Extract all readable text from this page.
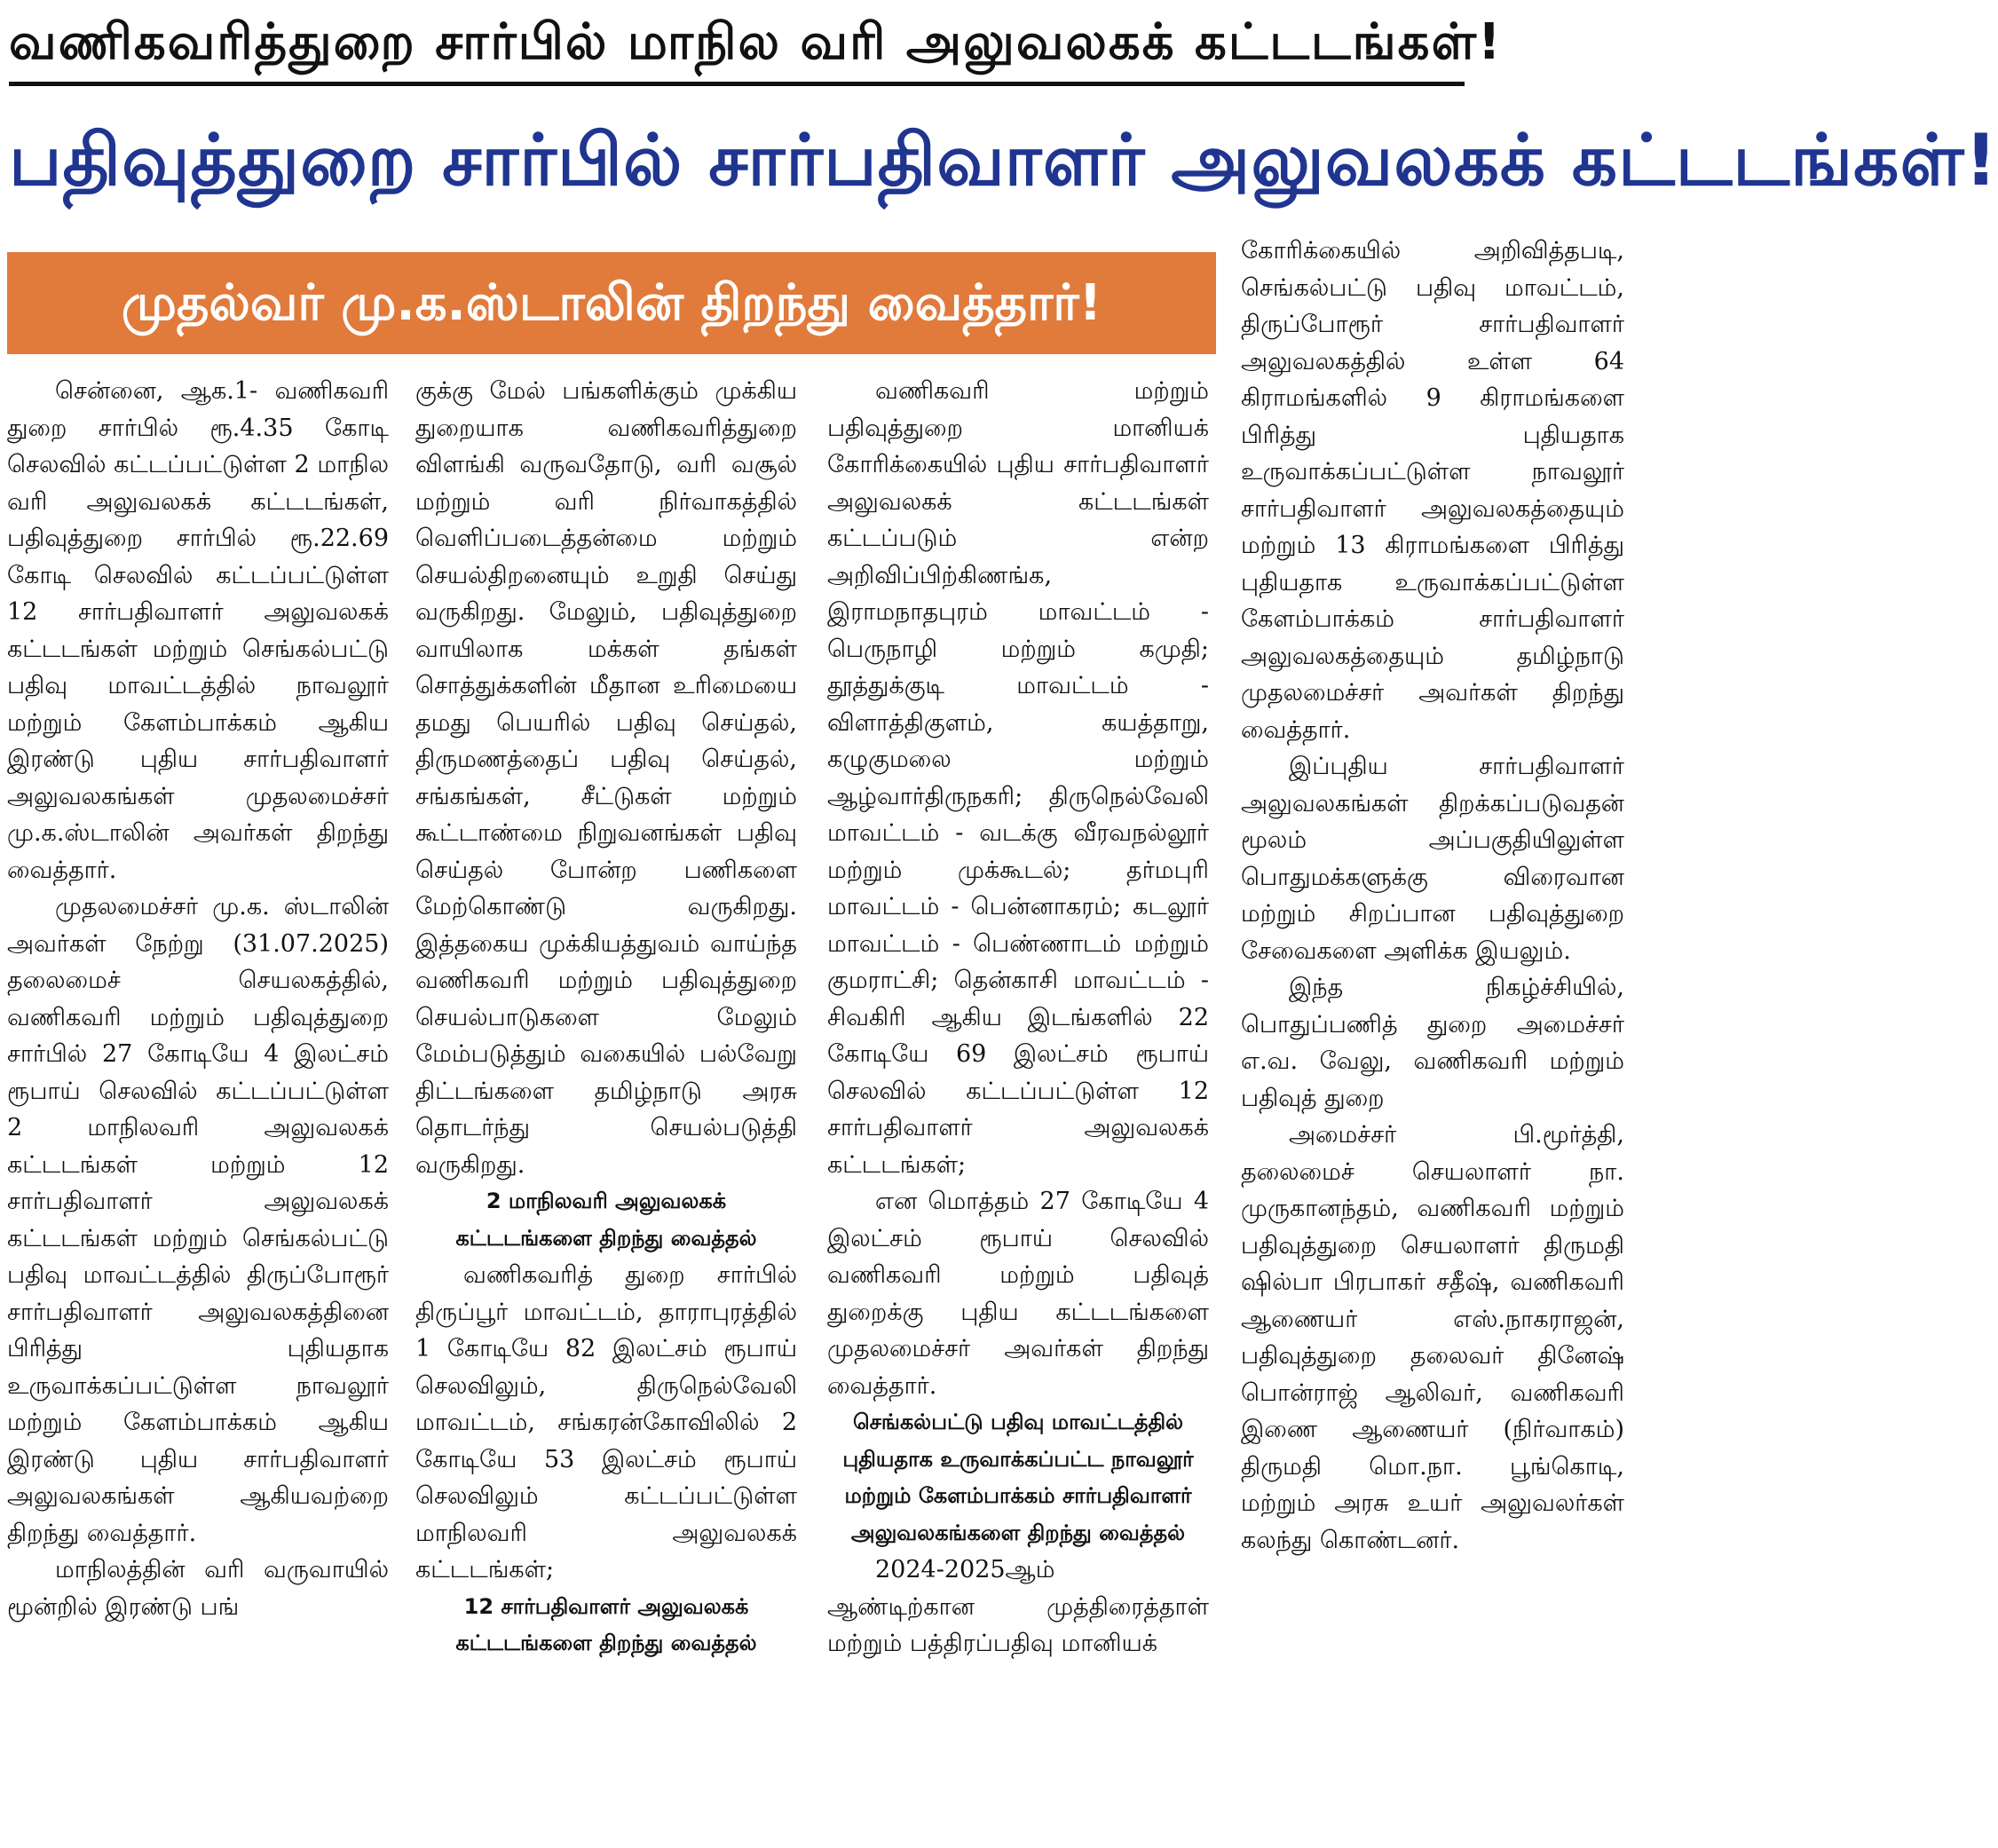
வணிகவரித்துறை சார்பில் மாநில வரி அலுவலகக் கட்டடங்கள்!
பதிவுத்துறை சார்பில் சார்பதிவாளர் அலுவலகக் கட்டடங்கள்!
முதல்வர் மு.க.ஸ்டாலின் திறந்து வைத்தார்!

சென்னை, ஆக.1- வணிகவரி துறை சார்பில் ரூ.4.35 கோடி செலவில் கட்டப்பட்டுள்ள 2 மாநில வரி அலுவலகக் கட்டடங்கள், பதிவுத்துறை சார்பில் ரூ.22.69 கோடி செலவில் கட்டப்பட்டுள்ள 12 சார்பதிவாளர் அலுவலகக் கட்டடங்கள் மற்றும் செங்கல்பட்டு பதிவு மாவட்டத்தில் நாவலூர் மற்றும் கேளம்பாக்கம் ஆகிய இரண்டு புதிய சார்பதிவாளர் அலுவலகங்கள் முதலமைச்சர் மு.க.ஸ்டாலின் அவர்கள் திறந்து வைத்தார்.

முதலமைச்சர் மு.க. ஸ்டாலின் அவர்கள் நேற்று (31.07.2025) தலைமைச் செயலகத்தில், வணிகவரி மற்றும் பதிவுத்துறை சார்பில் 27 கோடியே 4 இலட்சம் ரூபாய் செலவில் கட்டப்பட்டுள்ள 2 மாநிலவரி அலுவலகக் கட்டடங்கள் மற்றும் 12 சார்பதிவாளர் அலுவலகக் கட்டடங்கள் மற்றும் செங்கல்பட்டு பதிவு மாவட்டத்தில் திருப்போரூர் சார்பதிவாளர் அலுவலகத்தினை பிரித்து புதியதாக உருவாக்கப்பட்டுள்ள நாவலூர் மற்றும் கேளம்பாக்கம் ஆகிய இரண்டு புதிய சார்பதிவாளர் அலுவலகங்கள் ஆகியவற்றை திறந்து வைத்தார்.

மாநிலத்தின் வரி வருவாயில் மூன்றில் இரண்டு பங்

குக்கு மேல் பங்களிக்கும் முக்கிய துறையாக வணிகவரித்துறை விளங்கி வருவதோடு, வரி வசூல் மற்றும் வரி நிர்வாகத்தில் வெளிப்படைத்தன்மை மற்றும் செயல்திறனையும் உறுதி செய்து வருகிறது. மேலும், பதிவுத்துறை வாயிலாக மக்கள் தங்கள் சொத்துக்களின் மீதான உரிமையை தமது பெயரில் பதிவு செய்தல், திருமணத்தைப் பதிவு செய்தல், சங்கங்கள், சீட்டுகள் மற்றும் கூட்டாண்மை நிறுவனங்கள் பதிவு செய்தல் போன்ற பணிகளை மேற்கொண்டு வருகிறது. இத்தகைய முக்கியத்துவம் வாய்ந்த வணிகவரி மற்றும் பதிவுத்துறை செயல்பாடுகளை மேலும் மேம்படுத்தும் வகையில் பல்வேறு திட்டங்களை தமிழ்நாடு அரசு தொடர்ந்து செயல்படுத்தி வருகிறது.

2 மாநிலவரி அலுவலகக் கட்டடங்களை திறந்து வைத்தல்

வணிகவரித் துறை சார்பில் திருப்பூர் மாவட்டம், தாராபுரத்தில் 1 கோடியே 82 இலட்சம் ரூபாய் செலவிலும், திருநெல்வேலி மாவட்டம், சங்கரன்கோவிலில் 2 கோடியே 53 இலட்சம் ரூபாய் செலவிலும் கட்டப்பட்டுள்ள மாநிலவரி அலுவலகக் கட்டடங்கள்;

12 சார்பதிவாளர் அலுவலகக் கட்டடங்களை திறந்து வைத்தல்

வணிகவரி மற்றும் பதிவுத்துறை மானியக் கோரிக்கையில் புதிய சார்பதிவாளர் அலுவலகக் கட்டடங்கள் கட்டப்படும் என்ற அறிவிப்பிற்கிணங்க, இராமநாதபுரம் மாவட்டம் - பெருநாழி மற்றும் கமுதி; தூத்துக்குடி மாவட்டம் - விளாத்திகுளம், கயத்தாறு, கழுகுமலை மற்றும் ஆழ்வார்திருநகரி; திருநெல்வேலி மாவட்டம் - வடக்கு வீரவநல்லூர் மற்றும் முக்கூடல்; தர்மபுரி மாவட்டம் - பென்னாகரம்; கடலூர் மாவட்டம் - பெண்ணாடம் மற்றும் குமராட்சி; தென்காசி மாவட்டம் - சிவகிரி ஆகிய இடங்களில் 22 கோடியே 69 இலட்சம் ரூபாய் செலவில் கட்டப்பட்டுள்ள 12 சார்பதிவாளர் அலுவலகக் கட்டடங்கள்;

என மொத்தம் 27 கோடியே 4 இலட்சம் ரூபாய் செலவில் வணிகவரி மற்றும் பதிவுத் துறைக்கு புதிய கட்டடங்களை முதலமைச்சர் அவர்கள் திறந்து வைத்தார்.

செங்கல்பட்டு பதிவு மாவட்டத்தில் புதியதாக உருவாக்கப்பட்ட நாவலூர் மற்றும் கேளம்பாக்கம் சார்பதிவாளர் அலுவலகங்களை திறந்து வைத்தல்

2024-2025ஆம் ஆண்டிற்கான முத்திரைத்தாள் மற்றும் பத்திரப்பதிவு மானியக்

கோரிக்கையில் அறிவித்தபடி, செங்கல்பட்டு பதிவு மாவட்டம், திருப்போரூர் சார்பதிவாளர் அலுவலகத்தில் உள்ள 64 கிராமங்களில் 9 கிராமங்களை பிரித்து புதியதாக உருவாக்கப்பட்டுள்ள நாவலூர் சார்பதிவாளர் அலுவலகத்தையும் மற்றும் 13 கிராமங்களை பிரித்து புதியதாக உருவாக்கப்பட்டுள்ள கேளம்பாக்கம் சார்பதிவாளர் அலுவலகத்தையும் தமிழ்நாடு முதலமைச்சர் அவர்கள் திறந்து வைத்தார்.

இப்புதிய சார்பதிவாளர் அலுவலகங்கள் திறக்கப்படுவதன் மூலம் அப்பகுதியிலுள்ள பொதுமக்களுக்கு விரைவான மற்றும் சிறப்பான பதிவுத்துறை சேவைகளை அளிக்க இயலும்.

இந்த நிகழ்ச்சியில், பொதுப்பணித் துறை அமைச்சர் எ.வ. வேலு, வணிகவரி மற்றும் பதிவுத் துறை

அமைச்சர் பி.மூர்த்தி, தலைமைச் செயலாளர் நா. முருகானந்தம், வணிகவரி மற்றும் பதிவுத்துறை செயலாளர் திருமதி ஷில்பா பிரபாகர் சதீஷ், வணிகவரி ஆணையர் எஸ்.நாகராஜன், பதிவுத்துறை தலைவர் தினேஷ் பொன்ராஜ் ஆலிவர், வணிகவரி இணை ஆணையர் (நிர்வாகம்) திருமதி மொ.நா. பூங்கொடி, மற்றும் அரசு உயர் அலுவலர்கள் கலந்து கொண்டனர்.
